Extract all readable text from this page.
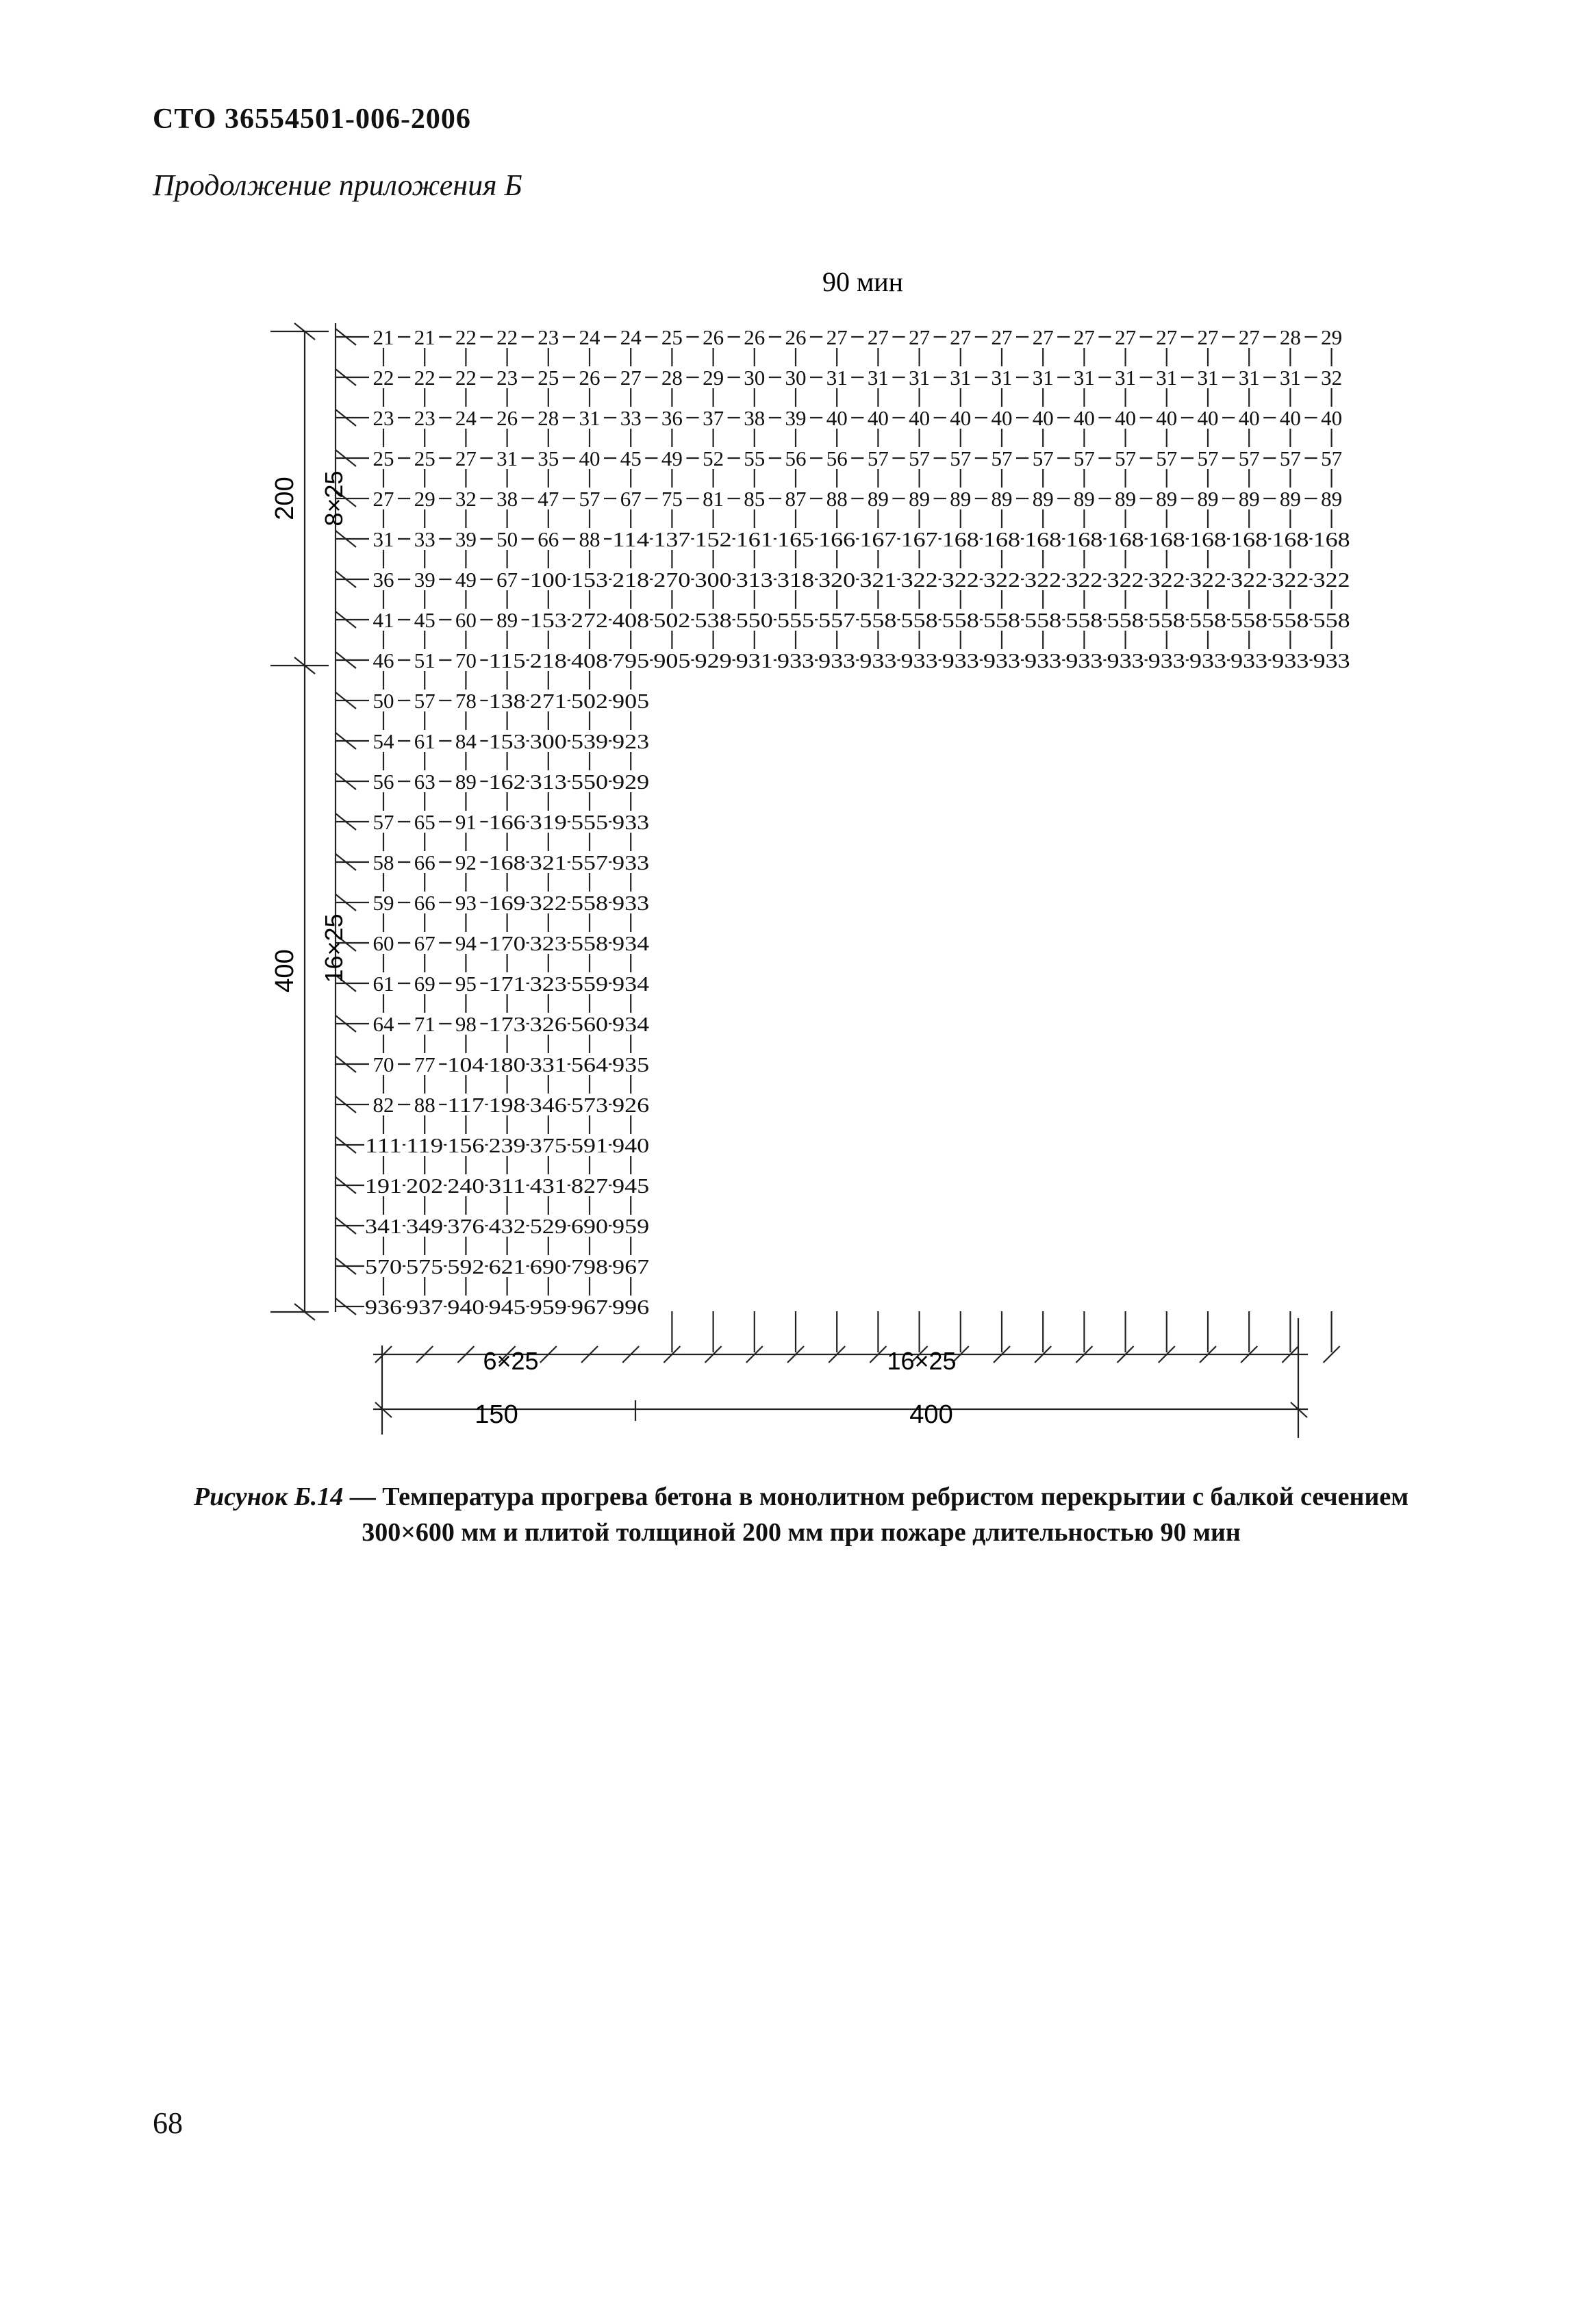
СТО 36554501-006-2006
Продолжение приложения Б
21 21 22 22 23 24 24 25 26 26 26 27 27 27 27 27 27 27 27 27 27 27 28 29
22 22 22 23 25 26 27 28 29 30 30 31 31 31 31 31 31 31 31 31 31 31 31 32
23 23 24 26 28 31 33 36 37 38 39 40 40 40 40 40 40 40 40 40 40 40 40 40
25 25 27 31 35 40 45 49 52 55 56 56 57 57 57 57 57 57 57 57 57 57 57 57
27 29 32 38 47 57 67 75 81 85 87 88 89 89 89 89 89 89 89 89 89 89 89 89
31 33 39 50 66 88 114 137 152 161 165 166 167 167 168 168 168 168 168 168 168 168 168 168
36 39 49 67 100 153 218 270 300 313 318 320 321 322 322 322 322 322 322 322 322 322 322 322
41 45 60 89 153 272 408 502 538 550 555 557 558 558 558 558 558 558 558 558 558 558 558 558
46 51 70 115 218 408 795 905 929 931 933 933 933 933 933 933 933 933 933 933 933 933 933 933
50 57 78 138 271 502 905
54 61 84 153 300 539 923
56 63 89 162 313 550 929
57 65 91 166 319 555 933
58 66 92 168 321 557 933
59 66 93 169 322 558 933
60 67 94 170 323 558 934
61 69 95 171 323 559 934
64 71 98 173 326 560 934
70 77 104 180 331 564 935
82 88 117 198 346 573 926
111 119 156 239 375 591 940
191 202 240 311 431 827 945
341 349 376 432 529 690 959
570 575 592 621 690 798 967
936 937 940 945 959 967 996
90 мин
200 8×25
400 16×25
6×25	16×25
150	400
Рисунок Б.14 — Температура прогрева бетона в монолитном ребристом перекрытии с балкой сечением 300×600 мм и плитой толщиной 200 мм при пожаре длительностью 90 мин
68
